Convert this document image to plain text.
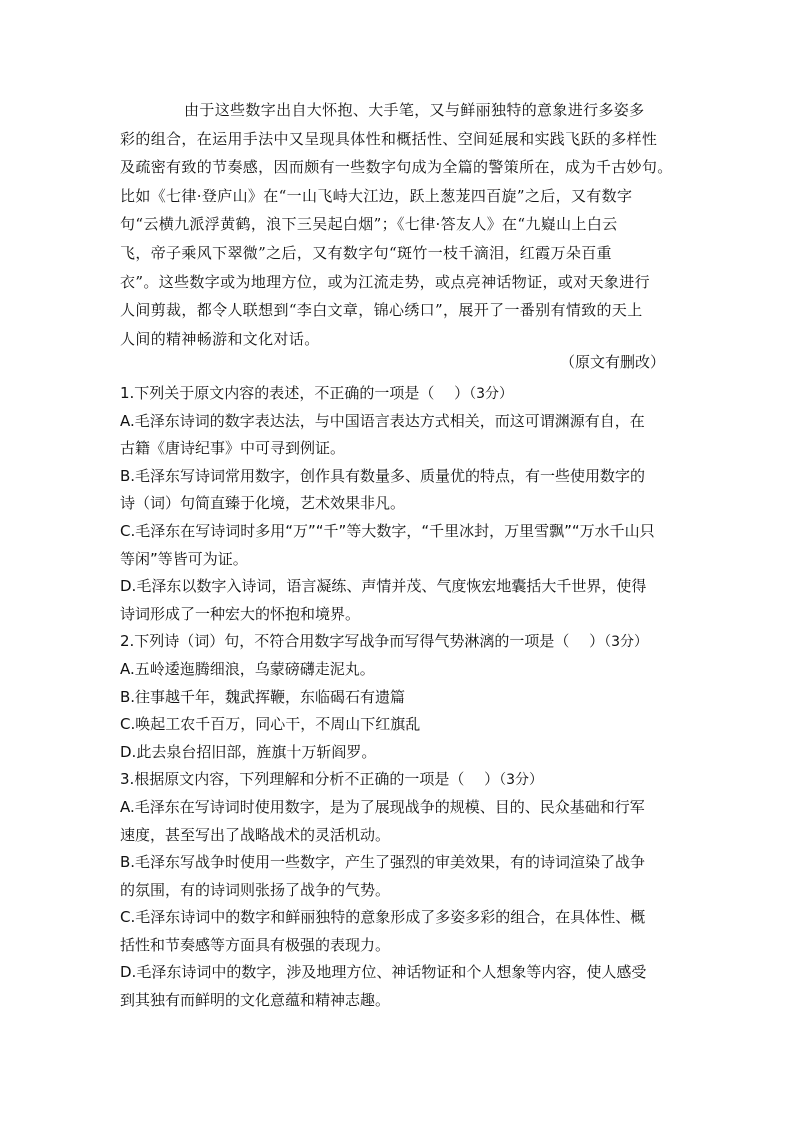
由于这些数字出自大怀抱、大手笔，又与鲜丽独特的意象进行多姿多
彩的组合，在运用手法中又呈现具体性和概括性、空间延展和实践飞跃的多样性
及疏密有致的节奏感，因而颇有一些数字句成为全篇的警策所在，成为千古妙句。
比如《七律·登庐山》在“一山飞峙大江边，跃上葱茏四百旋”之后，又有数字
句“云横九派浮黄鹤，浪下三吴起白烟”；《七律·答友人》在“九嶷山上白云
飞，帝子乘风下翠微”之后，又有数字句“斑竹一枝千滴泪，红霞万朵百重
衣”。这些数字或为地理方位，或为江流走势，或点亮神话物证，或对天象进行
人间剪裁，都令人联想到“李白文章，锦心绣口”，展开了一番别有情致的天上
人间的精神畅游和文化对话。
（原文有删改）
1.下列关于原文内容的表述，不正确的一项是（　 ）（3分）
A.毛泽东诗词的数字表达法，与中国语言表达方式相关，而这可谓渊源有自，在
古籍《唐诗纪事》中可寻到例证。
B.毛泽东写诗词常用数字，创作具有数量多、质量优的特点，有一些使用数字的
诗（词）句简直臻于化境，艺术效果非凡。
C.毛泽东在写诗词时多用“万”“千”等大数字，“千里冰封，万里雪飘”“万水千山只
等闲”等皆可为证。
D.毛泽东以数字入诗词，语言凝练、声情并茂、气度恢宏地囊括大千世界，使得
诗词形成了一种宏大的怀抱和境界。
2.下列诗（词）句，不符合用数字写战争而写得气势淋漓的一项是（　 ）（3分）
A.五岭逶迤腾细浪，乌蒙磅礴走泥丸。
B.往事越千年，魏武挥鞭，东临碣石有遗篇
C.唤起工农千百万，同心干，不周山下红旗乱
D.此去泉台招旧部，旌旗十万斩阎罗。
3.根据原文内容，下列理解和分析不正确的一项是（　 ）（3分）
A.毛泽东在写诗词时使用数字，是为了展现战争的规模、目的、民众基础和行军
速度，甚至写出了战略战术的灵活机动。
B.毛泽东写战争时使用一些数字，产生了强烈的审美效果，有的诗词渲染了战争
的氛围，有的诗词则张扬了战争的气势。
C.毛泽东诗词中的数字和鲜丽独特的意象形成了多姿多彩的组合，在具体性、概
括性和节奏感等方面具有极强的表现力。
D.毛泽东诗词中的数字，涉及地理方位、神话物证和个人想象等内容，使人感受
到其独有而鲜明的文化意蕴和精神志趣。
